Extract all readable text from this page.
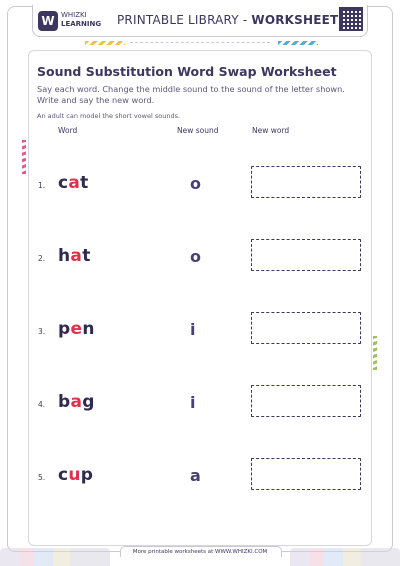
W WHIZKI
LEARNING PRINTABLE LIBRARY - WORKSHEET
Sound Substitution Word Swap Worksheet
Say each word. Change the middle sound to the sound of the letter shown. Write and say the new word.
An adult can model the short vowel sounds.
Word	New sound	New word
1. cat	o
2. hat	o
3. pen	i
4. bag	i
5. cup	a
More printable worksheets at WWW.WHIZKI.COM
